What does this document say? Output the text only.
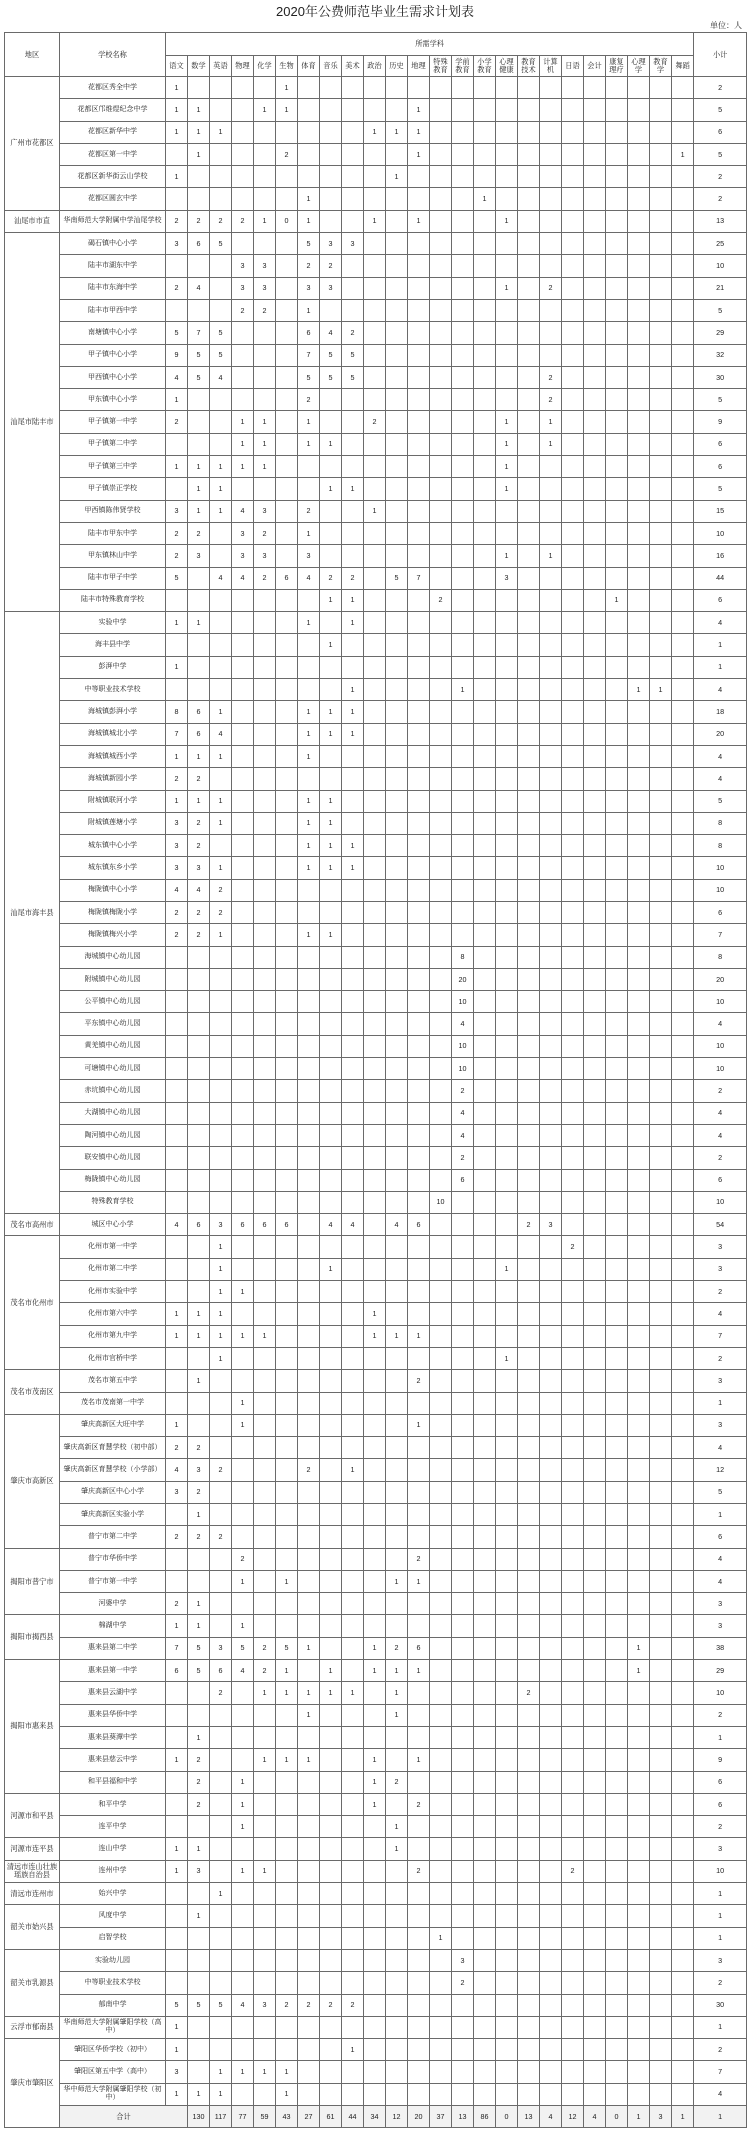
2020年公费师范毕业生需求计划表
单位：人
地区	学校名称	所需学科																								小计	
		语文	数学	英语	物理	化学	生物	体育	音乐	美术	政治	历史	地理	特殊教育	学前教育	小学教育	心理健康	教育技术	计算机	日语	会计	康复理疗	心理学	教育学	舞蹈		
广州市花都区	花都区秀全中学	1					1																			2	
	花都区邝维煜纪念中学	1	1			1	1						1													5	
	花都区新华中学	1	1	1							1	1	1													6	
	花都区第一中学		1				2						1												1	5	
	花都区新华街云山学校	1										1														2	
	花都区圆玄中学							1								1										2	
汕尾市市直	华南师范大学附属中学汕尾学校	2	2	2	2	1	0	1			1		1				1									13	
汕尾市陆丰市	碣石镇中心小学	3	6	5				5	3	3																25	
	陆丰市湖东中学				3	3		2	2																	10	
	陆丰市东海中学	2	4		3	3		3	3								1		2							21	
	陆丰市甲西中学				2	2		1																		5	
	南塘镇中心小学	5	7	5				6	4	2																29	
	甲子镇中心小学	9	5	5				7	5	5																32	
	甲西镇中心小学	4	5	4				5	5	5									2							30	
	甲东镇中心小学	1						2											2							5	
	甲子镇第一中学	2			1	1		1			2						1		1							9	
	甲子镇第二中学				1	1		1	1								1		1							6	
	甲子镇第三中学	1	1	1	1	1											1									6	
	甲子镇崇正学校		1	1					1	1							1									5	
	甲西镇陈伟贤学校	3	1	1	4	3		2			1															15	
	陆丰市甲东中学	2	2		3	2		1																		10	
	甲东镇林山中学	2	3		3	3		3									1		1							16	
	陆丰市甲子中学	5		4	4	2	6	4	2	2		5	7				3									44	
	陆丰市特殊教育学校								1	1				2								1				6	
汕尾市海丰县	实验中学	1	1					1		1																4	
	海丰县中学								1																	1	
	彭湃中学	1																								1	
	中等职业技术学校									1					1								1	1		4	
	海城镇彭湃小学	8	6	1				1	1	1																18	
	海城镇城北小学	7	6	4				1	1	1																20	
	海城镇城西小学	1	1	1				1																		4	
	海城镇新园小学	2	2																							4	
	附城镇联河小学	1	1	1				1	1																	5	
	附城镇莲塘小学	3	2	1				1	1																	8	
	城东镇中心小学	3	2					1	1	1																8	
	城东镇东乡小学	3	3	1				1	1	1																10	
	梅陇镇中心小学	4	4	2																						10	
	梅陇镇梅陇小学	2	2	2																						6	
	梅陇镇梅兴小学	2	2	1				1	1																	7	
	海城镇中心幼儿园														8											8	
	附城镇中心幼儿园														20											20	
	公平镇中心幼儿园														10											10	
	平东镇中心幼儿园														4											4	
	黄羌镇中心幼儿园														10											10	
	可塘镇中心幼儿园														10											10	
	赤坑镇中心幼儿园														2											2	
	大湖镇中心幼儿园														4											4	
	陶河镇中心幼儿园														4											4	
	联安镇中心幼儿园														2											2	
	梅陇镇中心幼儿园														6											6	
	特殊教育学校													10												10	
茂名市高州市	城区中心小学	4	6	3	6	6	6		4	4		4	6					2	3							54	
茂名市化州市	化州市第一中学			1																2						3	
	化州市第二中学			1					1								1									3	
	化州市实验中学			1	1																					2	
	化州市第六中学	1	1	1							1															4	
	化州市第九中学	1	1	1	1	1					1	1	1													7	
	化州市官桥中学			1													1									2	
茂名市茂南区	茂名市第五中学		1										2													3	
	茂名市茂南第一中学				1																					1	
肇庆市高新区	肇庆高新区大旺中学	1			1								1													3	
	肇庆高新区育慧学校（初中部）	2	2																							4	
	肇庆高新区育慧学校（小学部）	4	3	2				2		1																12	
	肇庆高新区中心小学	3	2																							5	
	肇庆高新区实验小学		1																							1	
	普宁市第二中学	2	2	2																						6	
揭阳市普宁市	普宁市华侨中学				2								2													4	
	普宁市第一中学				1		1					1	1													4	
	河婆中学	2	1																							3	
揭阳市揭西县	棉湖中学	1	1		1																					3	
	惠来县第二中学	7	5	3	5	2	5	1			1	2	6										1			38	
揭阳市惠来县	惠来县第一中学	6	5	6	4	2	1		1		1	1	1										1			29	
	惠来县云湖中学			2		1	1	1	1	1		1						2								10	
	惠来县华侨中学							1				1														2	
	惠来县葵潭中学		1																							1	
	惠来县慈云中学	1	2			1	1	1			1		1													9	
	和平县福和中学		2		1						1	2														6	
河源市和平县	和平中学		2		1						1		2													6	
	连平中学				1							1														2	
河源市连平县	连山中学	1	1									1														3	
清远市连山壮族瑶族自治县	连州中学	1	3		1	1							2							2						10	
清远市连州市	始兴中学			1																						1	
韶关市始兴县	风度中学		1																							1	
	启智学校													1												1	
韶关市乳源县	实验幼儿园														3											3	
	中等职业技术学校														2											2	
	郁南中学	5	5	5	4	3	2	2	2	2																30	
云浮市郁南县	华南师范大学附属肇阳学校（高中）	1																								1	
肇庆市肇阳区	肇阳区华侨学校（初中）	1								1																2	
	肇阳区第五中学（高中）	3		1	1	1	1																			7	
	华中师范大学附属肇阳学校（初中）	1	1	1			1																			4	
	合计		130	117	77	59	43	27	61	44	34	12	20	37	13	86	0	13	4	12	4	0	1	3	1	1	
